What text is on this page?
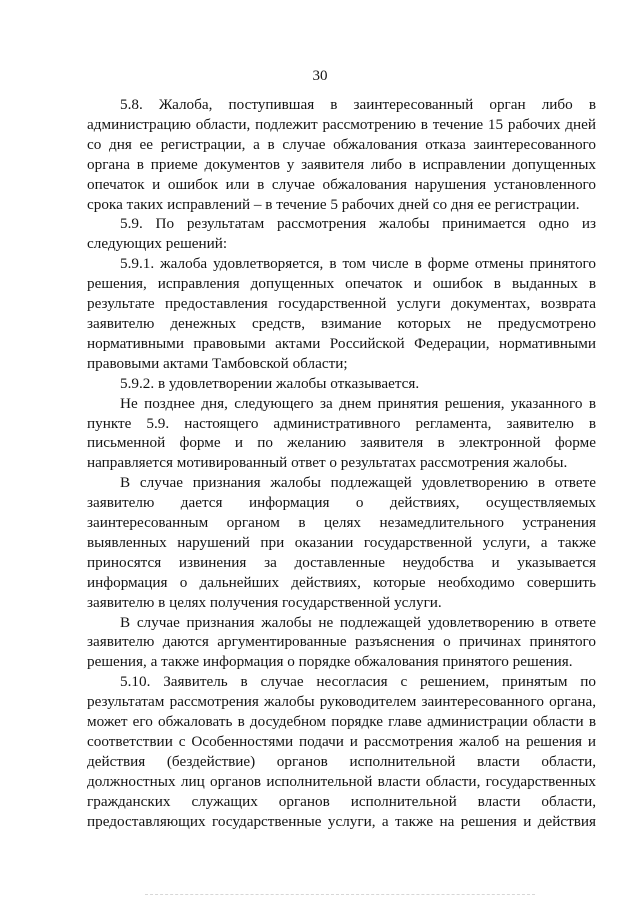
30

5.8. Жалоба, поступившая в заинтересованный орган либо в администрацию области, подлежит рассмотрению в течение 15 рабочих дней со дня ее регистрации, а в случае обжалования отказа заинтересованного органа в приеме документов у заявителя либо в исправлении допущенных опечаток и ошибок или в случае обжалования нарушения установленного срока таких исправлений – в течение 5 рабочих дней со дня ее регистрации.

5.9. По результатам рассмотрения жалобы принимается одно из следующих решений:

5.9.1. жалоба удовлетворяется, в том числе в форме отмены принятого решения, исправления допущенных опечаток и ошибок в выданных в результате предоставления государственной услуги документах, возврата заявителю денежных средств, взимание которых не предусмотрено нормативными правовыми актами Российской Федерации, нормативными правовыми актами Тамбовской области;

5.9.2. в удовлетворении жалобы отказывается.

Не позднее дня, следующего за днем принятия решения, указанного в пункте 5.9. настоящего административного регламента, заявителю в письменной форме и по желанию заявителя в электронной форме направляется мотивированный ответ о результатах рассмотрения жалобы.

В случае признания жалобы подлежащей удовлетворению в ответе заявителю дается информация о действиях, осуществляемых заинтересованным органом в целях незамедлительного устранения выявленных нарушений при оказании государственной услуги, а также приносятся извинения за доставленные неудобства и указывается информация о дальнейших действиях, которые необходимо совершить заявителю в целях получения государственной услуги.

В случае признания жалобы не подлежащей удовлетворению в ответе заявителю даются аргументированные разъяснения о причинах принятого решения, а также информация о порядке обжалования принятого решения.

5.10. Заявитель в случае несогласия с решением, принятым по результатам рассмотрения жалобы руководителем заинтересованного органа, может его обжаловать в досудебном порядке главе администрации области в соответствии с Особенностями подачи и рассмотрения жалоб на решения и действия (бездействие) органов исполнительной власти области, должностных лиц органов исполнительной власти области, государственных гражданских служащих органов исполнительной власти области, предоставляющих государственные услуги, а также на решения и действия
